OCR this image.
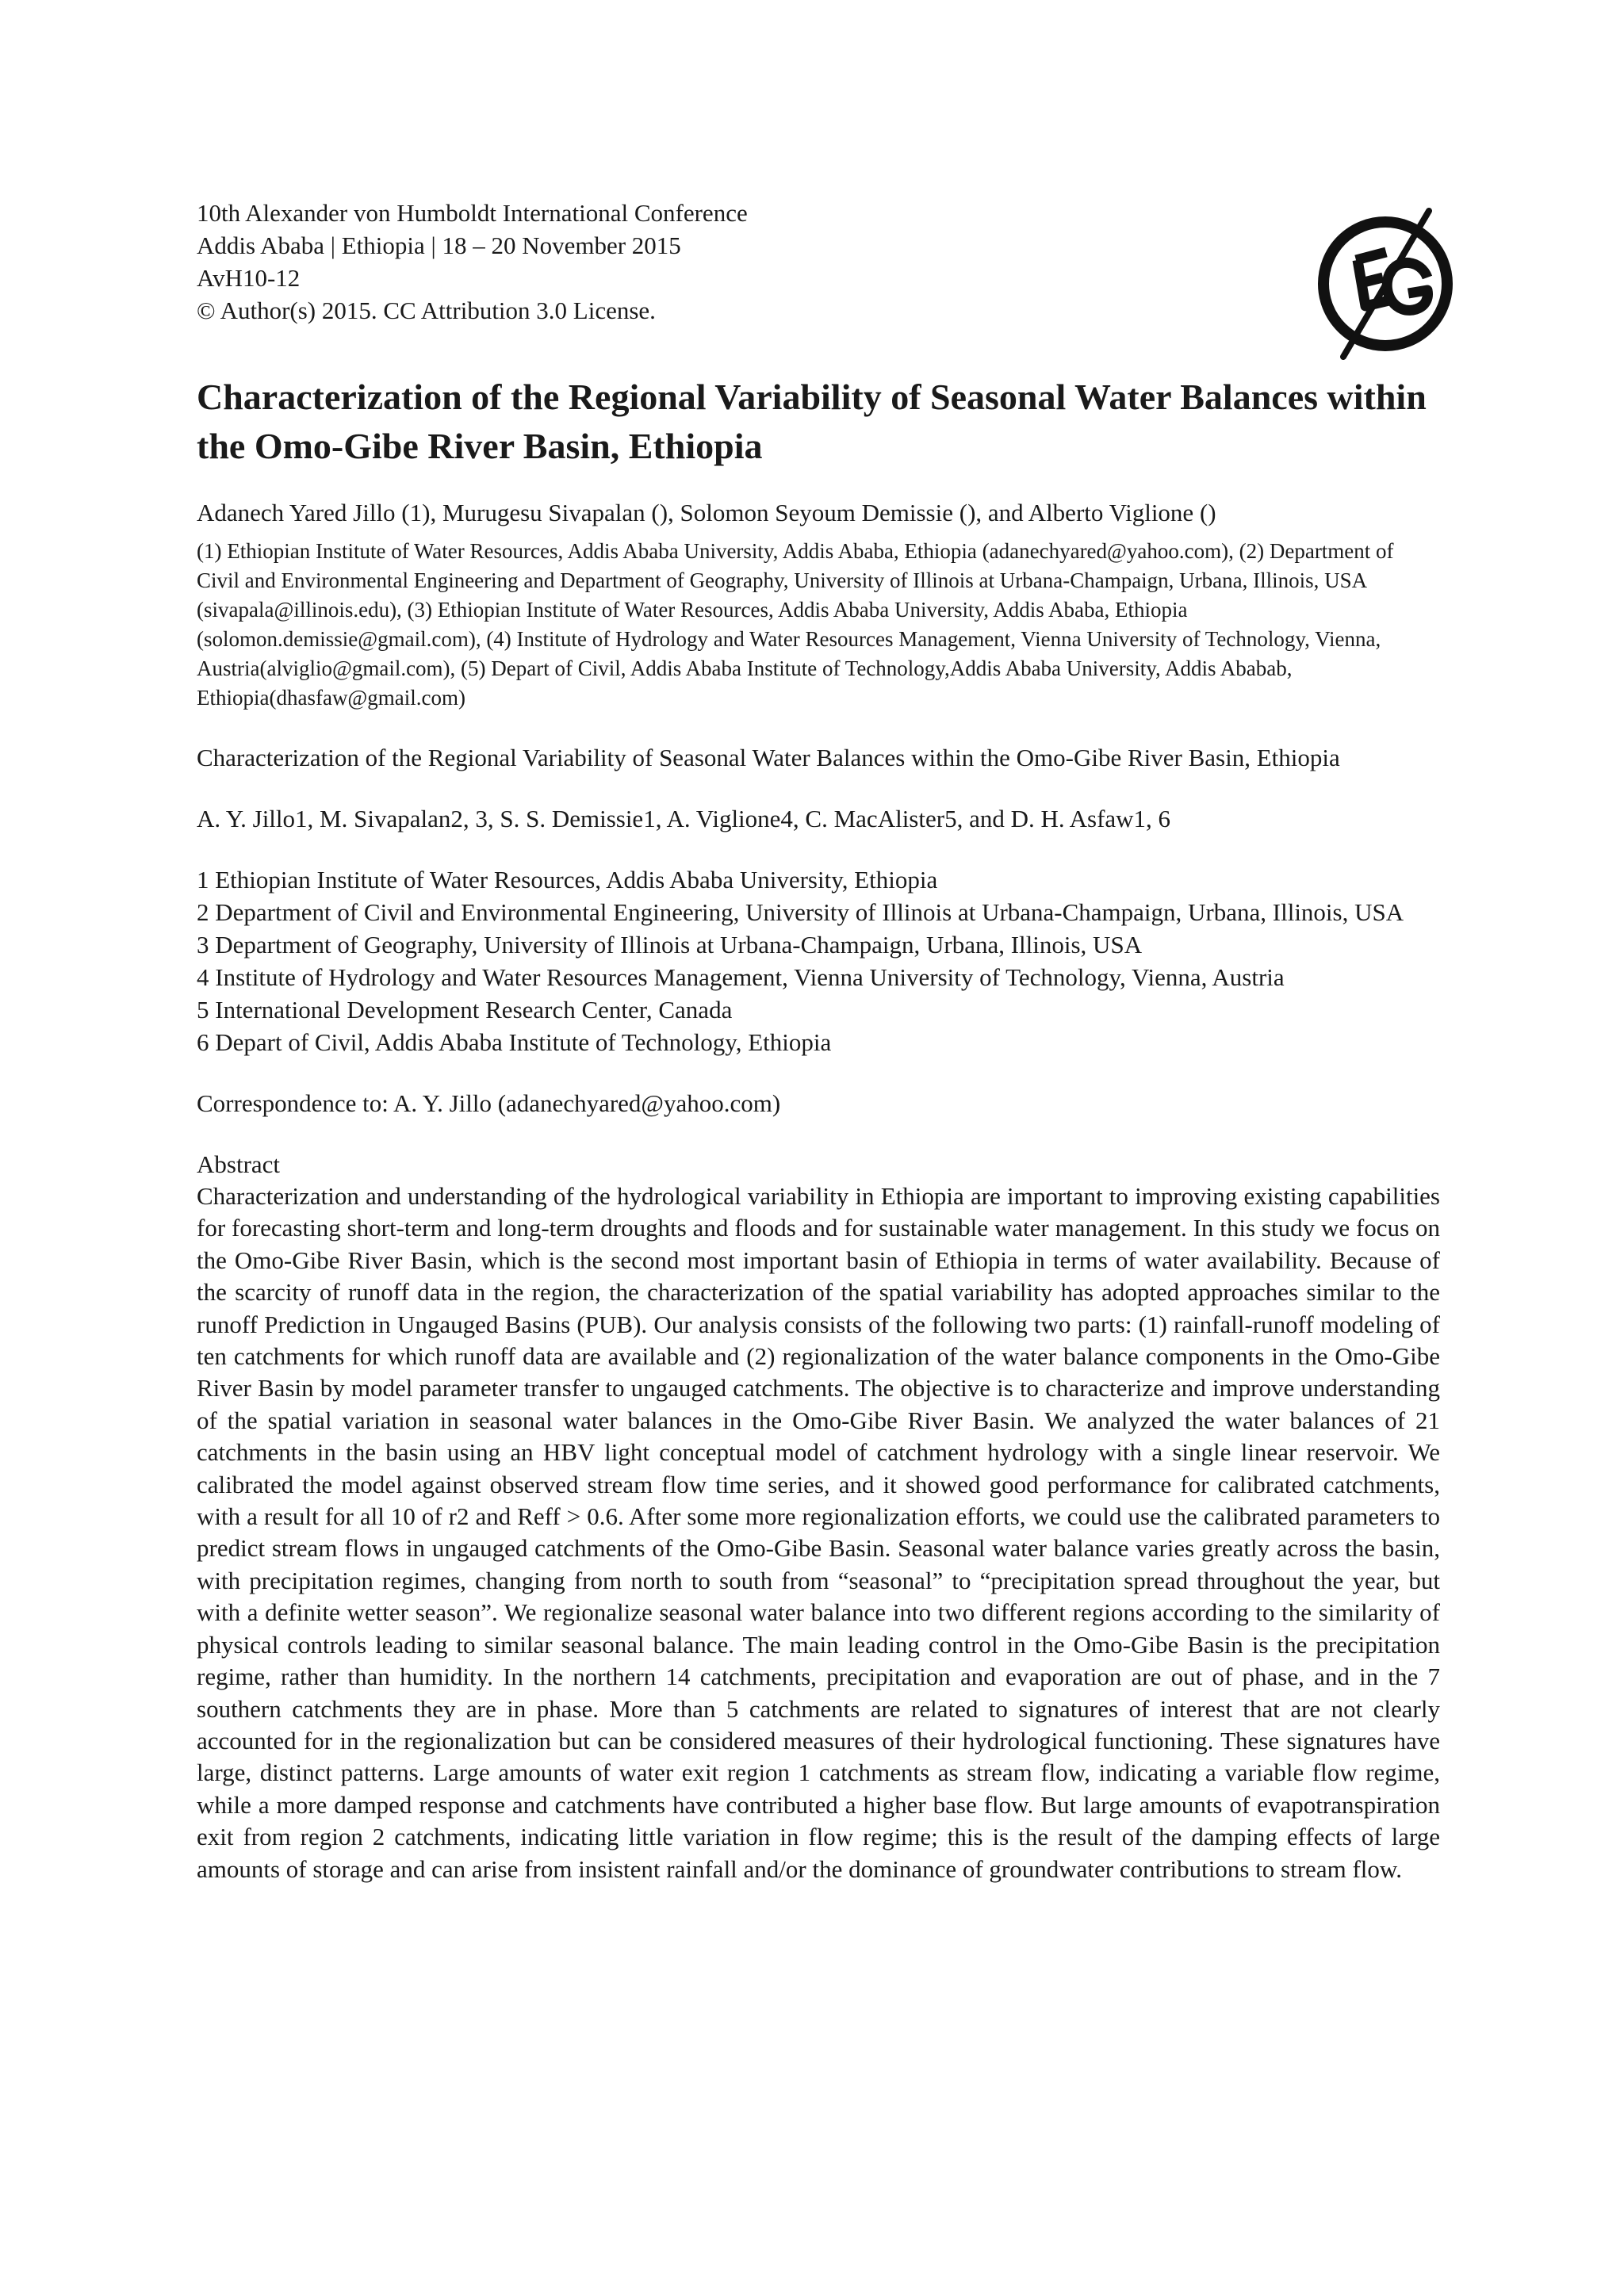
10th Alexander von Humboldt International Conference
Addis Ababa | Ethiopia | 18 – 20 November 2015
AvH10-12
© Author(s) 2015. CC Attribution 3.0 License.
Characterization of the Regional Variability of Seasonal Water Balances within the Omo-Gibe River Basin, Ethiopia
Adanech Yared Jillo (1), Murugesu Sivapalan (), Solomon Seyoum Demissie (), and Alberto Viglione ()
(1) Ethiopian Institute of Water Resources, Addis Ababa University, Addis Ababa, Ethiopia (adanechyared@yahoo.com), (2) Department of Civil and Environmental Engineering and Department of Geography, University of Illinois at Urbana-Champaign, Urbana, Illinois, USA (sivapala@illinois.edu), (3) Ethiopian Institute of Water Resources, Addis Ababa University, Addis Ababa, Ethiopia (solomon.demissie@gmail.com), (4) Institute of Hydrology and Water Resources Management, Vienna University of Technology, Vienna, Austria(alviglio@gmail.com), (5) Depart of Civil, Addis Ababa Institute of Technology,Addis Ababa University, Addis Ababab, Ethiopia(dhasfaw@gmail.com)
Characterization of the Regional Variability of Seasonal Water Balances within the Omo-Gibe River Basin, Ethiopia
A. Y. Jillo1, M. Sivapalan2, 3, S. S. Demissie1, A. Viglione4, C. MacAlister5, and D. H. Asfaw1, 6
1 Ethiopian Institute of Water Resources, Addis Ababa University, Ethiopia
2 Department of Civil and Environmental Engineering, University of Illinois at Urbana-Champaign, Urbana, Illinois, USA
3 Department of Geography, University of Illinois at Urbana-Champaign, Urbana, Illinois, USA
4 Institute of Hydrology and Water Resources Management, Vienna University of Technology, Vienna, Austria
5 International Development Research Center, Canada
6 Depart of Civil, Addis Ababa Institute of Technology, Ethiopia
Correspondence to: A. Y. Jillo (adanechyared@yahoo.com)
Abstract
Characterization and understanding of the hydrological variability in Ethiopia are important to improving existing capabilities for forecasting short-term and long-term droughts and floods and for sustainable water management. In this study we focus on the Omo-Gibe River Basin, which is the second most important basin of Ethiopia in terms of water availability. Because of the scarcity of runoff data in the region, the characterization of the spatial variability has adopted approaches similar to the runoff Prediction in Ungauged Basins (PUB). Our analysis consists of the following two parts: (1) rainfall-runoff modeling of ten catchments for which runoff data are available and (2) regionalization of the water balance components in the Omo-Gibe River Basin by model parameter transfer to ungauged catchments. The objective is to characterize and improve understanding of the spatial variation in seasonal water balances in the Omo-Gibe River Basin. We analyzed the water balances of 21 catchments in the basin using an HBV light conceptual model of catchment hydrology with a single linear reservoir. We calibrated the model against observed stream flow time series, and it showed good performance for calibrated catchments, with a result for all 10 of r2 and Reff > 0.6. After some more regionalization efforts, we could use the calibrated parameters to predict stream flows in ungauged catchments of the Omo-Gibe Basin. Seasonal water balance varies greatly across the basin, with precipitation regimes, changing from north to south from “seasonal” to “precipitation spread throughout the year, but with a definite wetter season”. We regionalize seasonal water balance into two different regions according to the similarity of physical controls leading to similar seasonal balance. The main leading control in the Omo-Gibe Basin is the precipitation regime, rather than humidity. In the northern 14 catchments, precipitation and evaporation are out of phase, and in the 7 southern catchments they are in phase. More than 5 catchments are related to signatures of interest that are not clearly accounted for in the regionalization but can be considered measures of their hydrological functioning. These signatures have large, distinct patterns. Large amounts of water exit region 1 catchments as stream flow, indicating a variable flow regime, while a more damped response and catchments have contributed a higher base flow. But large amounts of evapotranspiration exit from region 2 catchments, indicating little variation in flow regime; this is the result of the damping effects of large amounts of storage and can arise from insistent rainfall and/or the dominance of groundwater contributions to stream flow.
